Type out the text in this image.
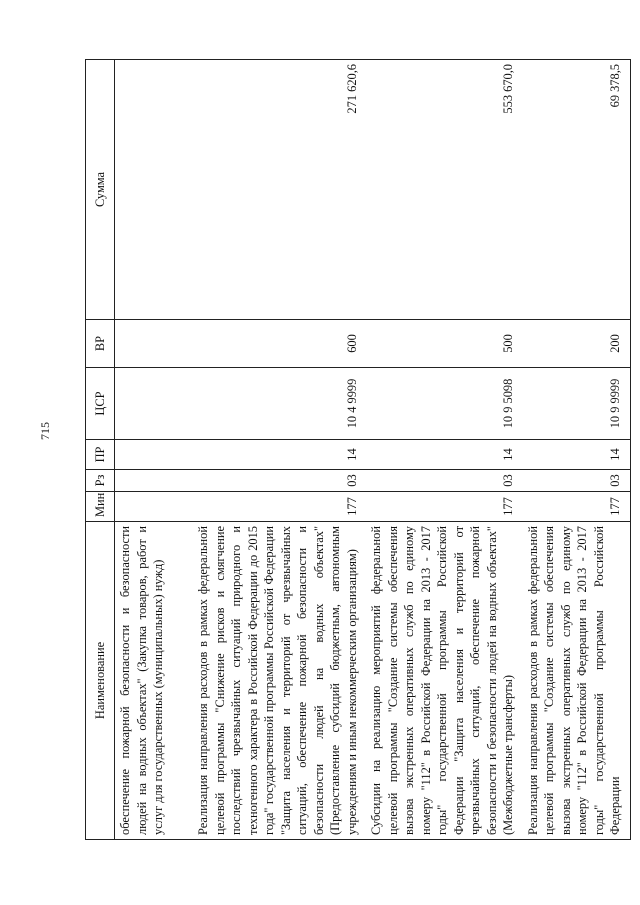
715
Наименование	Мин	Рз	ПР	ЦСР	ВР	Сумма
обеспечение пожарной безопасности и безопасности людей на водных объектах" (Закупка товаров, работ и услуг для государственных (муниципальных) нужд)						
Реализация направления расходов в рамках федеральной целевой программы "Снижение рисков и смягчение последствий чрезвычайных ситуаций природного и техногенного характера в Российской Федерации до 2015 года" государственной программы Российской Федерации "Защита населения и территорий от чрезвычайных ситуаций, обеспечение пожарной безопасности и безопасности людей на водных объектах" (Предоставление субсидий бюджетным, автономным учреждениям и иным некоммерческим организациям)	177	03	14	10 4 9999	600	271 620,6
Субсидии на реализацию мероприятий федеральной целевой программы "Создание системы обеспечения вызова экстренных оперативных служб по единому номеру "112" в Российской Федерации на 2013 - 2017 годы" государственной программы Российской Федерации "Защита населения и территорий от чрезвычайных ситуаций, обеспечение пожарной безопасности и безопасности людей на водных объектах" (Межбюджетные трансферты)	177	03	14	10 9 5098	500	553 670,0
Реализация направления расходов в рамках федеральной целевой программы "Создание системы обеспечения вызова экстренных оперативных служб по единому номеру "112" в Российской Федерации на 2013 - 2017 годы" государственной программы Российской Федерации	177	03	14	10 9 9999	200	69 378,5
